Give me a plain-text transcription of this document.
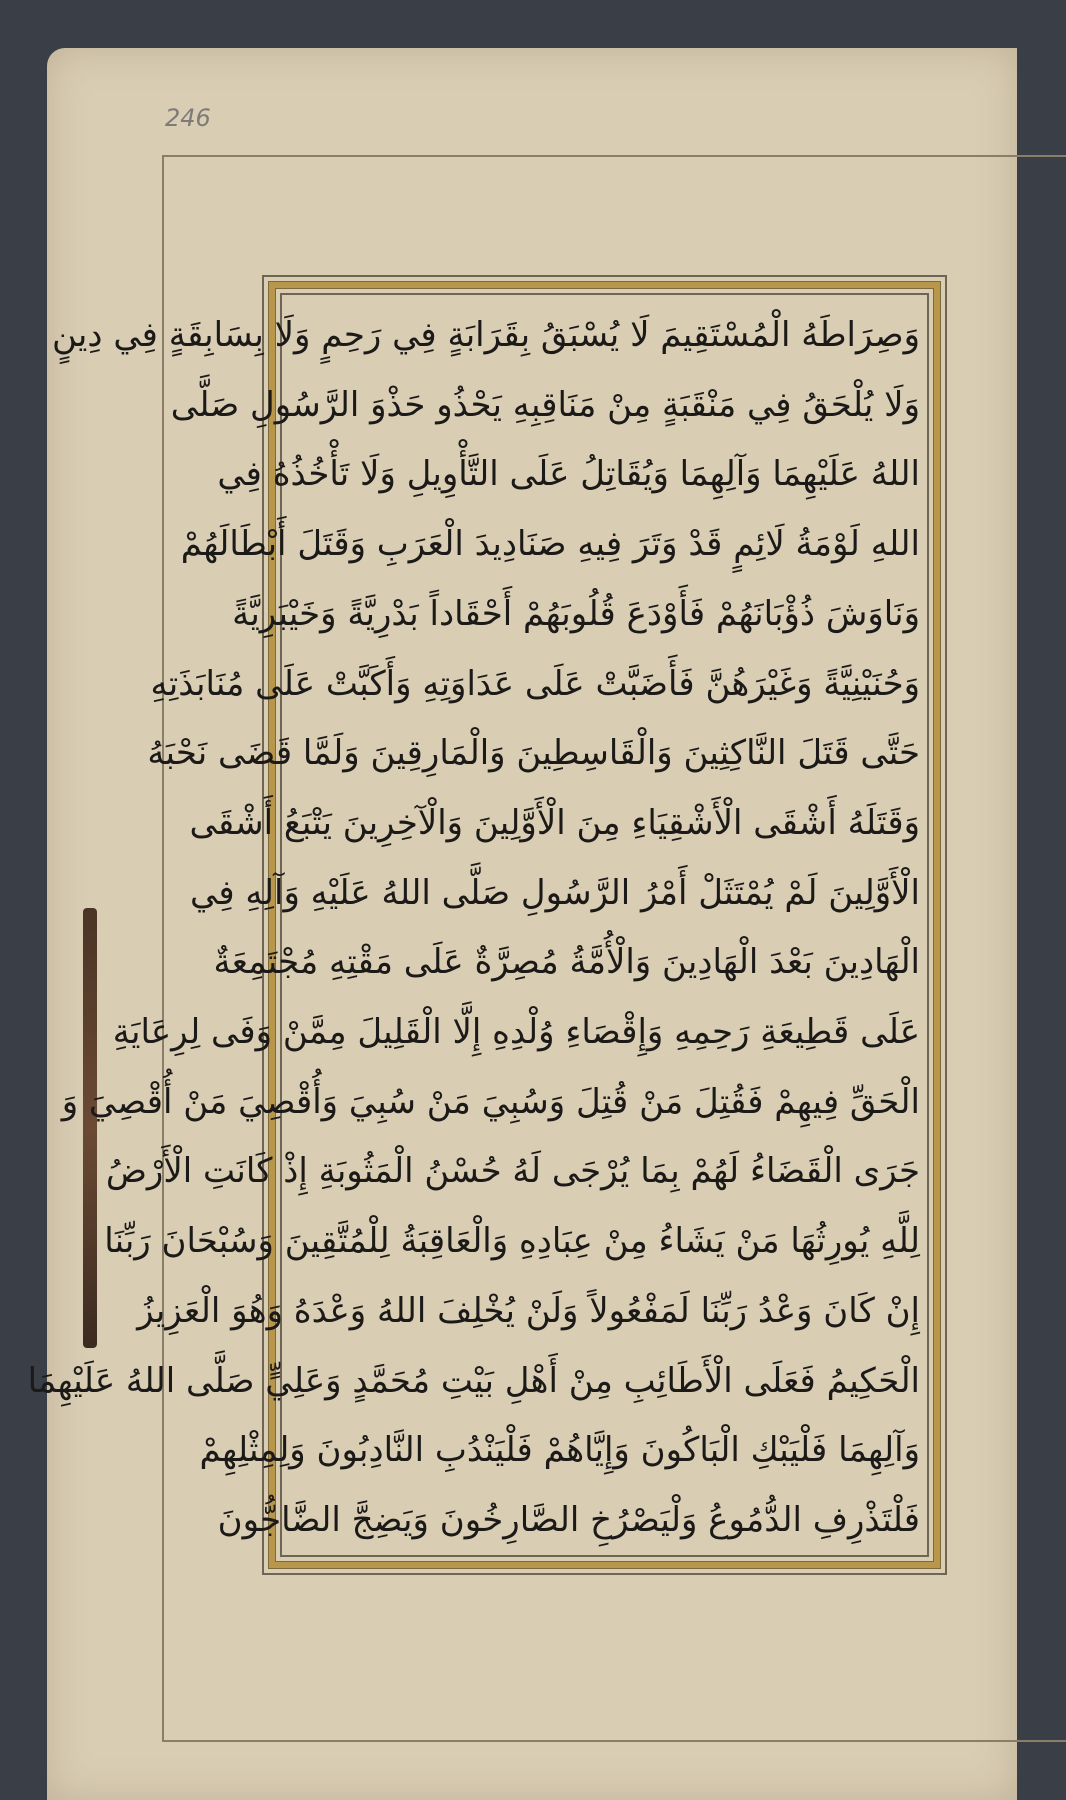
246
وَصِرَاطَهُ الْمُسْتَقِيمَ لَا يُسْبَقُ بِقَرَابَةٍ فِي رَحِمٍ وَلَا بِسَابِقَةٍ فِي دِينٍ
وَلَا يُلْحَقُ فِي مَنْقَبَةٍ مِنْ مَنَاقِبِهِ يَحْذُو حَذْوَ الرَّسُولِ صَلَّى
اللهُ عَلَيْهِمَا وَآلِهِمَا وَيُقَاتِلُ عَلَى التَّأْوِيلِ وَلَا تَأْخُذُهُ فِي
اللهِ لَوْمَةُ لَائِمٍ قَدْ وَتَرَ فِيهِ صَنَادِيدَ الْعَرَبِ وَقَتَلَ أَبْطَالَهُمْ
وَنَاوَشَ ذُؤْبَانَهُمْ فَأَوْدَعَ قُلُوبَهُمْ أَحْقَاداً بَدْرِيَّةً وَخَيْبَرِيَّةً
وَحُنَيْنِيَّةً وَغَيْرَهُنَّ فَأَضَبَّتْ عَلَى عَدَاوَتِهِ وَأَكَبَّتْ عَلَى مُنَابَذَتِهِ
حَتَّى قَتَلَ النَّاكِثِينَ وَالْقَاسِطِينَ وَالْمَارِقِينَ وَلَمَّا قَضَى نَحْبَهُ
وَقَتَلَهُ أَشْقَى الْأَشْقِيَاءِ مِنَ الْأَوَّلِينَ وَالْآخِرِينَ يَتْبَعُ أَشْقَى
الْأَوَّلِينَ لَمْ يُمْتَثَلْ أَمْرُ الرَّسُولِ صَلَّى اللهُ عَلَيْهِ وَآلِهِ فِي
الْهَادِينَ بَعْدَ الْهَادِينَ وَالْأُمَّةُ مُصِرَّةٌ عَلَى مَقْتِهِ مُجْتَمِعَةٌ
عَلَى قَطِيعَةِ رَحِمِهِ وَإِقْصَاءِ وُلْدِهِ إِلَّا الْقَلِيلَ مِمَّنْ وَفَى لِرِعَايَةِ
الْحَقِّ فِيهِمْ فَقُتِلَ مَنْ قُتِلَ وَسُبِيَ مَنْ سُبِيَ وَأُقْصِيَ مَنْ أُقْصِيَ وَ
جَرَى الْقَضَاءُ لَهُمْ بِمَا يُرْجَى لَهُ حُسْنُ الْمَثُوبَةِ إِذْ كَانَتِ الْأَرْضُ
لِلَّهِ يُورِثُهَا مَنْ يَشَاءُ مِنْ عِبَادِهِ وَالْعَاقِبَةُ لِلْمُتَّقِينَ وَسُبْحَانَ رَبِّنَا
إِنْ كَانَ وَعْدُ رَبِّنَا لَمَفْعُولاً وَلَنْ يُخْلِفَ اللهُ وَعْدَهُ وَهُوَ الْعَزِيزُ
الْحَكِيمُ فَعَلَى الْأَطَائِبِ مِنْ أَهْلِ بَيْتِ مُحَمَّدٍ وَعَلِيٍّ صَلَّى اللهُ عَلَيْهِمَا
وَآلِهِمَا فَلْيَبْكِ الْبَاكُونَ وَإِيَّاهُمْ فَلْيَنْدُبِ النَّادِبُونَ وَلِمِثْلِهِمْ
فَلْتَذْرِفِ الدُّمُوعُ وَلْيَصْرُخِ الصَّارِخُونَ وَيَضِجَّ الضَّاجُّونَ
